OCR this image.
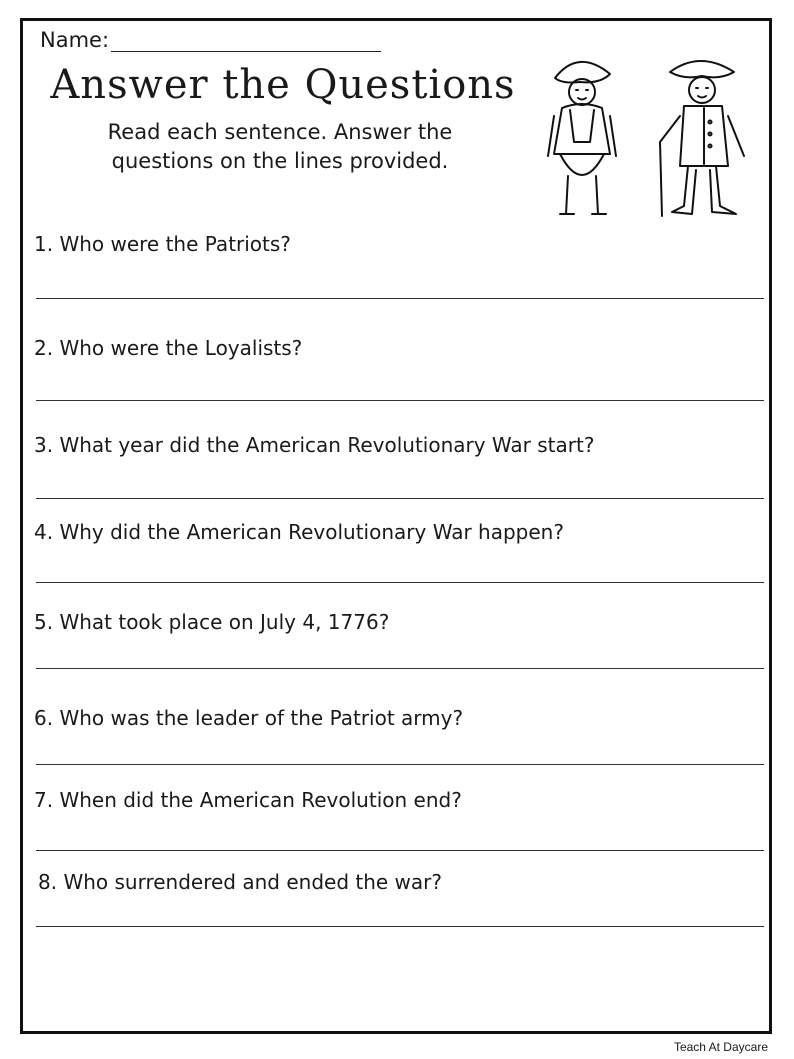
Name:
Answer the Questions
Read each sentence. Answer the questions on the lines provided.
1. Who were the Patriots?
2. Who were the Loyalists?
3. What year did the American Revolutionary War start?
4. Why did the American Revolutionary War happen?
5. What took place on July 4, 1776?
6. Who was the leader of the Patriot army?
7. When did the American Revolution end?
8. Who surrendered and ended the war?
Teach At Daycare
